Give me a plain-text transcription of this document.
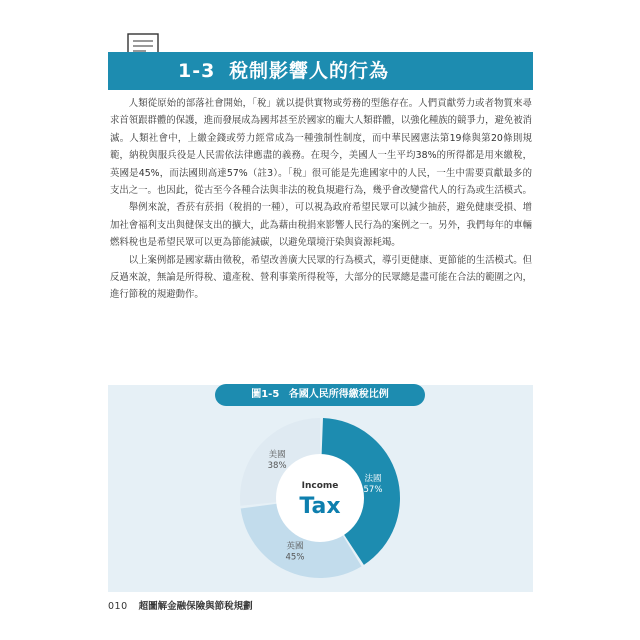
1-3 稅制影響人的行為

人類從原始的部落社會開始，「稅」就以提供實物或勞務的型態存在。人們貢獻勞力或者物質來尋求首領跟群體的保護，進而發展成為國邦甚至於國家的龐大人類群體，以強化種族的競爭力，避免被消滅。人類社會中，上繳金錢或勞力經常成為一種強制性制度，而中華民國憲法第19條與第20條則規範，納稅與服兵役是人民需依法律應盡的義務。在現今，美國人一生平均38%的所得都是用來繳稅，英國是45%，而法國則高達57%（註3）。「稅」很可能是先進國家中的人民，一生中需要貢獻最多的支出之一。也因此，從古至今各種合法與非法的稅負規避行為，幾乎會改變當代人的行為或生活模式。

舉例來說，香菸有菸捐（稅捐的一種），可以視為政府希望民眾可以減少抽菸，避免健康受損、增加社會福利支出與健保支出的擴大，此為藉由稅捐來影響人民行為的案例之一。另外，我們每年的車輛燃料稅也是希望民眾可以更為節能減碳，以避免環境汙染與資源耗竭。

以上案例都是國家藉由徵稅，希望改善廣大民眾的行為模式，導引更健康、更節能的生活模式。但反過來說，無論是所得稅、遺產稅、營利事業所得稅等，大部分的民眾總是盡可能在合法的範圍之內，進行節稅的規避動作。

圖1-5 各國人民所得繳稅比例
Income
Tax
法國
57%
英國
45%
美國
38%
010 超圖解金融保險與節稅規劃
